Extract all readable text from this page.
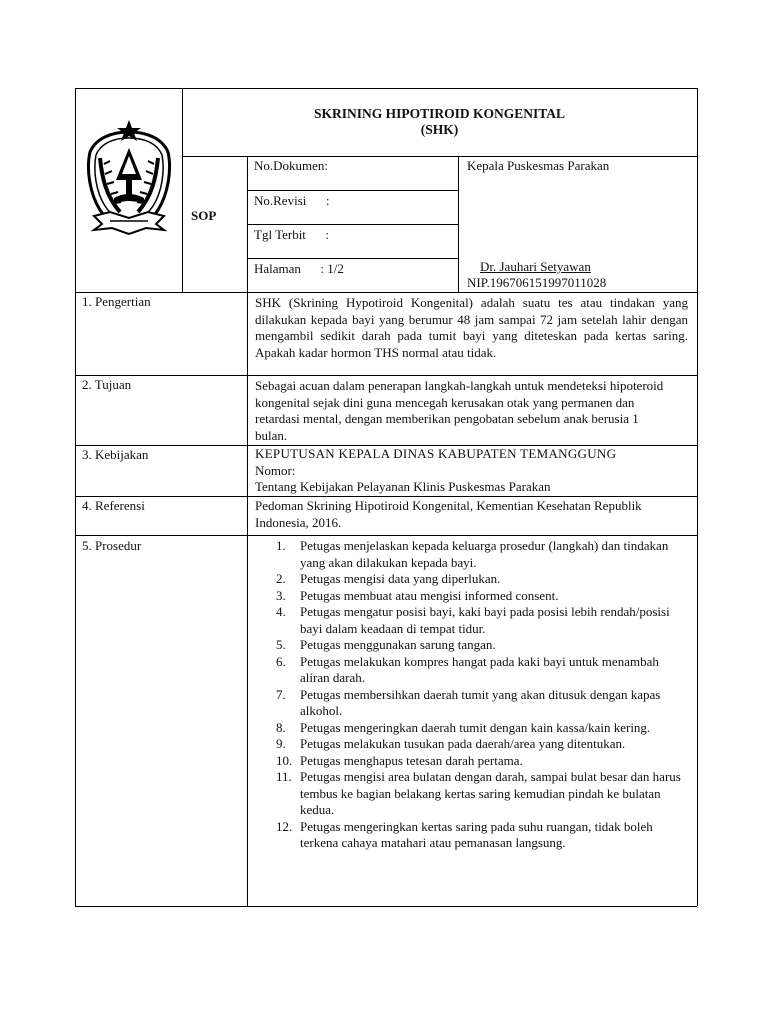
SKRINING HIPOTIROID KONGENITAL
(SHK)
SOP
No.Dokumen:
No.Revisi      :
Tgl Terbit      :
Halaman      : 1/2
Kepala Puskesmas Parakan
Dr. Jauhari Setyawan
NIP.196706151997011028
1. Pengertian	SHK (Skrining Hypotiroid Kongenital) adalah suatu tes atau tindakan yang dilakukan kepada bayi yang berumur 48 jam sampai 72 jam setelah lahir dengan mengambil sedikit darah pada tumit bayi yang diteteskan pada kertas saring. Apakah kadar hormon THS normal atau tidak.
2. Tujuan	Sebagai acuan dalam penerapan langkah-langkah untuk mendeteksi hipoteroid kongenital sejak dini guna mencegah kerusakan otak yang permanen dan retardasi mental, dengan memberikan pengobatan sebelum anak berusia 1 bulan.
3. Kebijakan	KEPUTUSAN KEPALA DINAS KABUPATEN TEMANGGUNG
Nomor:
Tentang Kebijakan Pelayanan Klinis Puskesmas Parakan
4. Referensi	Pedoman Skrining Hipotiroid Kongenital, Kementian Kesehatan Republik Indonesia, 2016.
5. Prosedur	1. Petugas menjelaskan kepada keluarga prosedur (langkah) dan tindakan yang akan dilakukan kepada bayi.
2. Petugas mengisi data yang diperlukan.
3. Petugas membuat atau mengisi informed consent.
4. Petugas mengatur posisi bayi, kaki bayi pada posisi lebih rendah/posisi bayi dalam keadaan di tempat tidur.
5. Petugas menggunakan sarung tangan.
6. Petugas melakukan kompres hangat pada kaki bayi untuk menambah aliran darah.
7. Petugas membersihkan daerah tumit yang akan ditusuk dengan kapas alkohol.
8. Petugas mengeringkan daerah tumit dengan kain kassa/kain kering.
9. Petugas melakukan tusukan pada daerah/area yang ditentukan.
10. Petugas menghapus tetesan darah pertama.
11. Petugas mengisi area bulatan dengan darah, sampai bulat besar dan harus tembus ke bagian belakang kertas saring kemudian pindah ke bulatan kedua.
12. Petugas mengeringkan kertas saring pada suhu ruangan, tidak boleh terkena cahaya matahari atau pemanasan langsung.
